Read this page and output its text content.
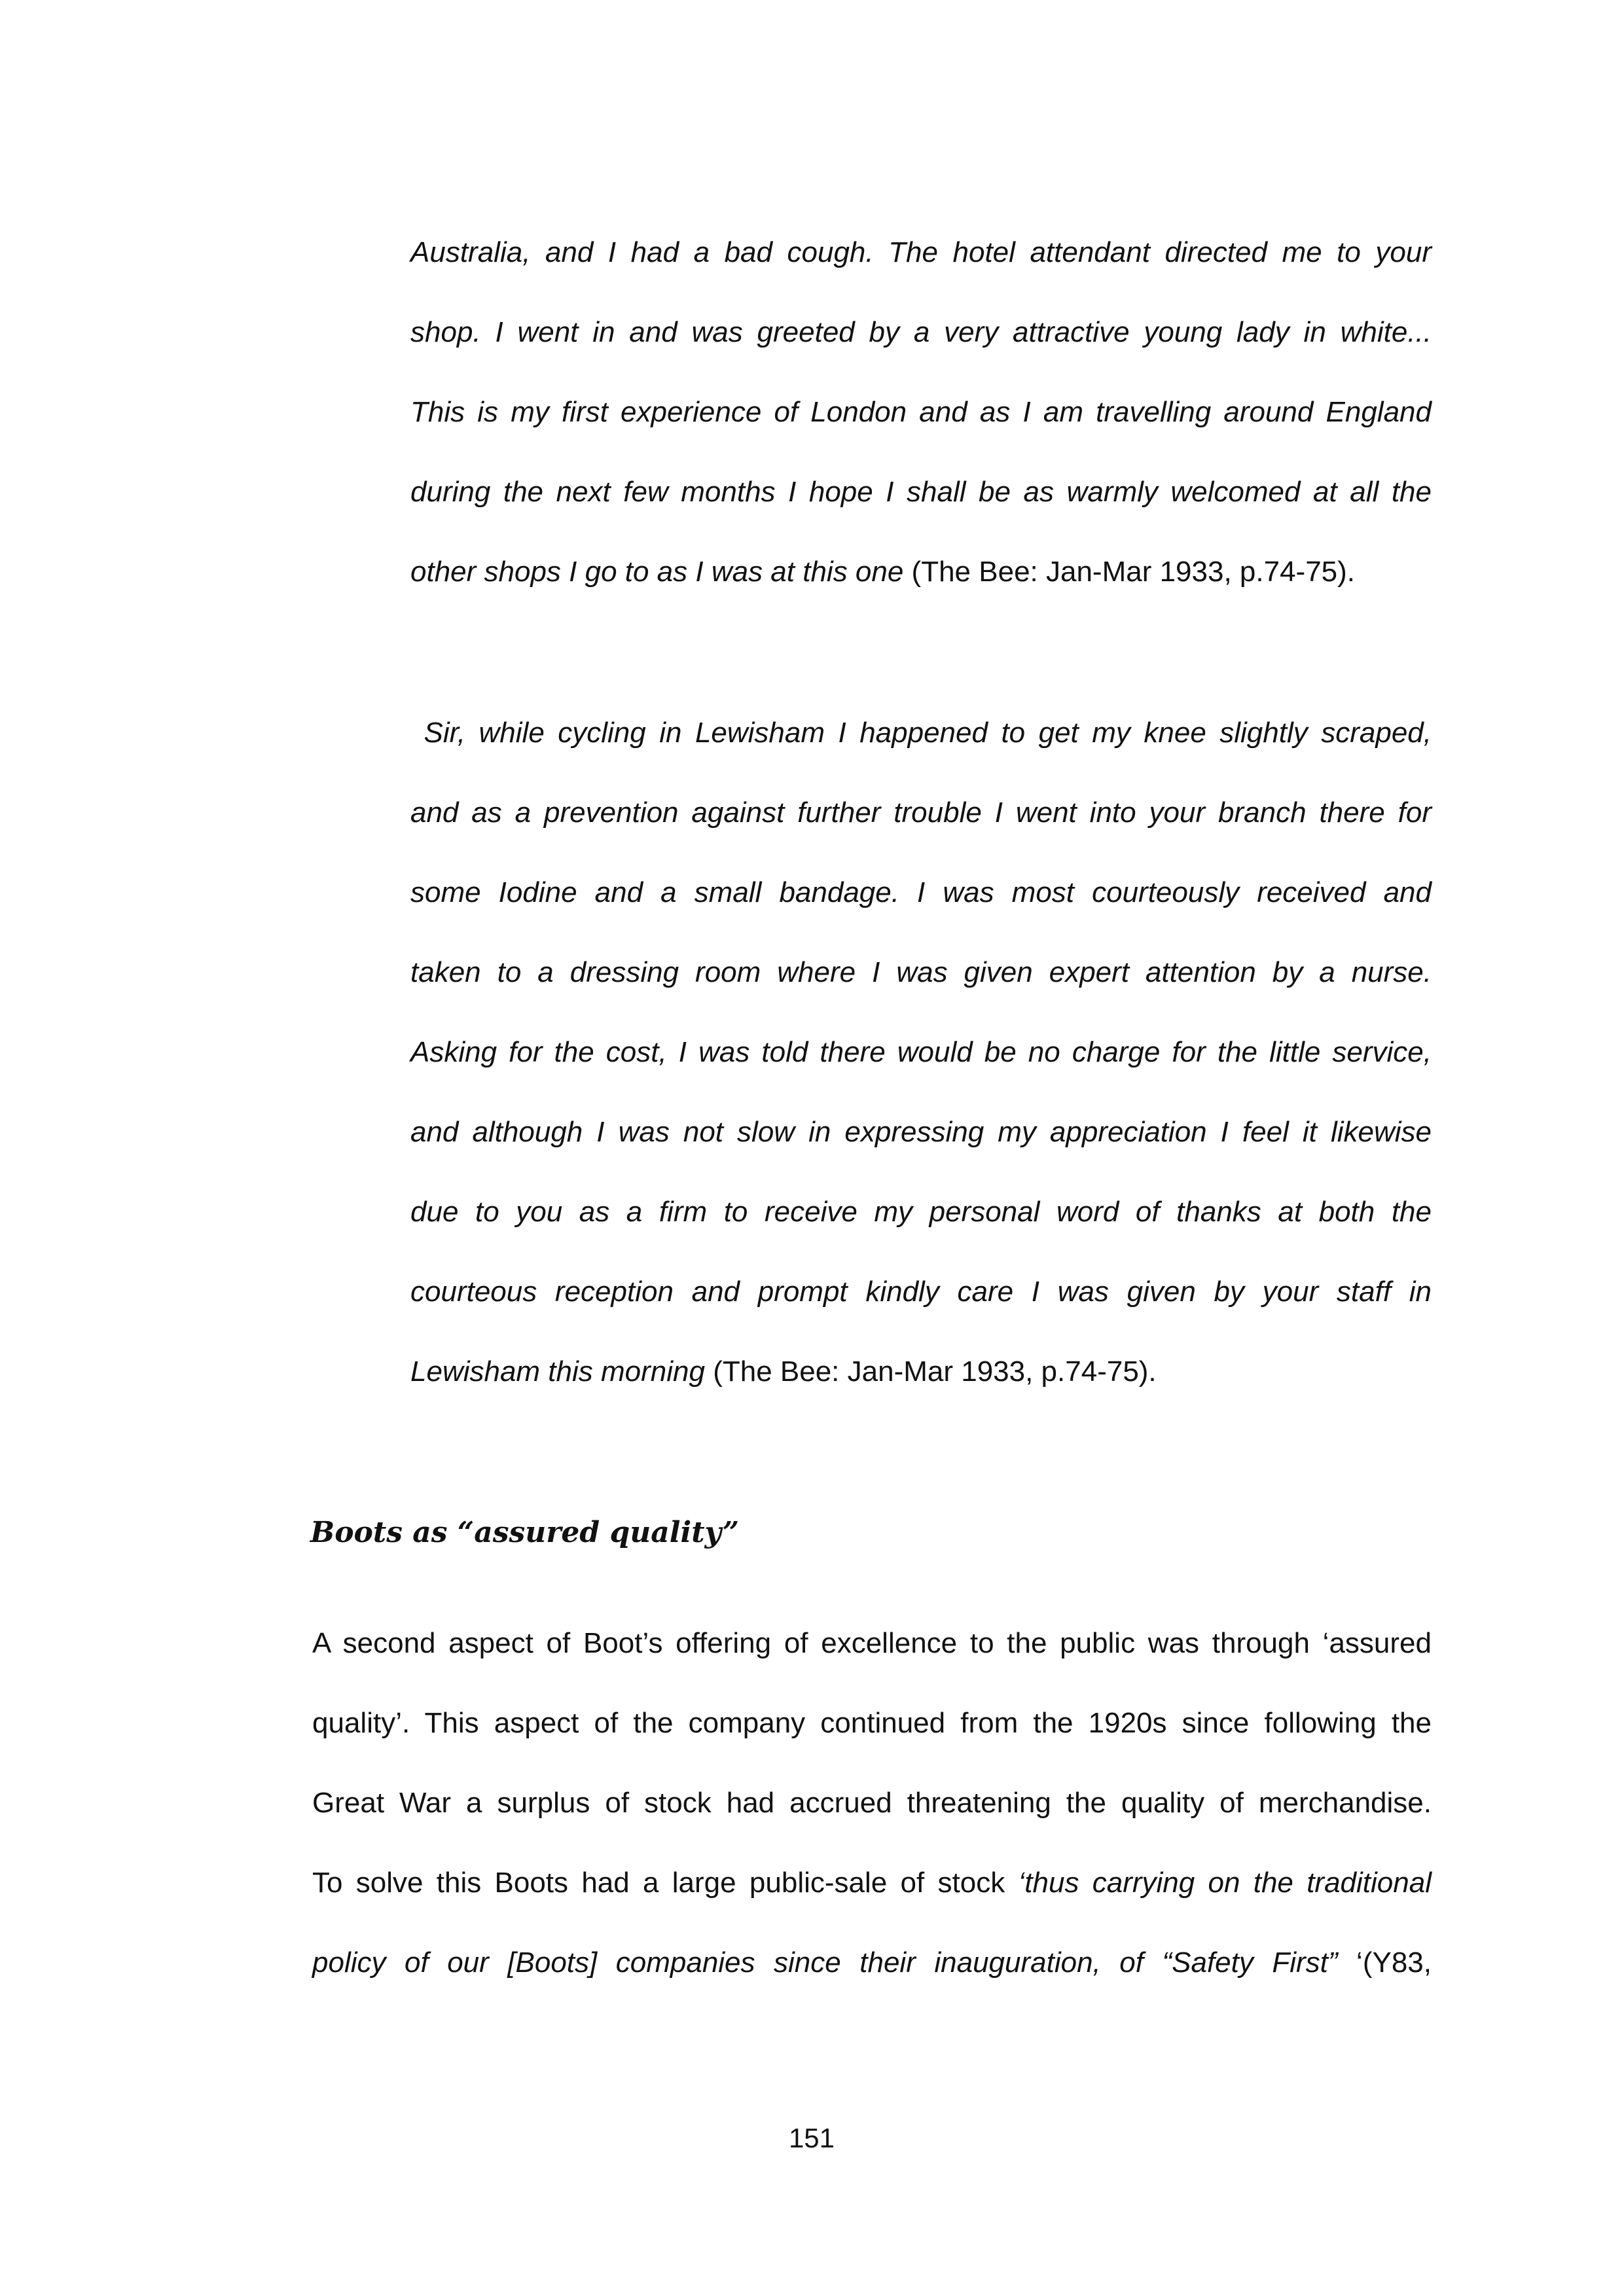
Australia, and I had a bad cough. The hotel attendant directed me to your
shop. I went in and was greeted by a very attractive young lady in white...
This is my first experience of London and as I am travelling around England
during the next few months I hope I shall be as warmly welcomed at all the
other shops I go to as I was at this one (The Bee: Jan-Mar 1933, p.74-75).
Sir, while cycling in Lewisham I happened to get my knee slightly scraped,
and as a prevention against further trouble I went into your branch there for
some Iodine and a small bandage. I was most courteously received and
taken to a dressing room where I was given expert attention by a nurse.
Asking for the cost, I was told there would be no charge for the little service,
and although I was not slow in expressing my appreciation I feel it likewise
due to you as a firm to receive my personal word of thanks at both the
courteous reception and prompt kindly care I was given by your staff in
Lewisham this morning (The Bee: Jan-Mar 1933, p.74-75).
Boots as “assured quality”
A second aspect of Boot’s offering of excellence to the public was through ‘assured
quality’. This aspect of the company continued from the 1920s since following the
Great War a surplus of stock had accrued threatening the quality of merchandise.
To solve this Boots had a large public-sale of stock ‘thus carrying on the traditional
policy of our [Boots] companies since their inauguration, of “Safety First” ‘(Y83,
151
